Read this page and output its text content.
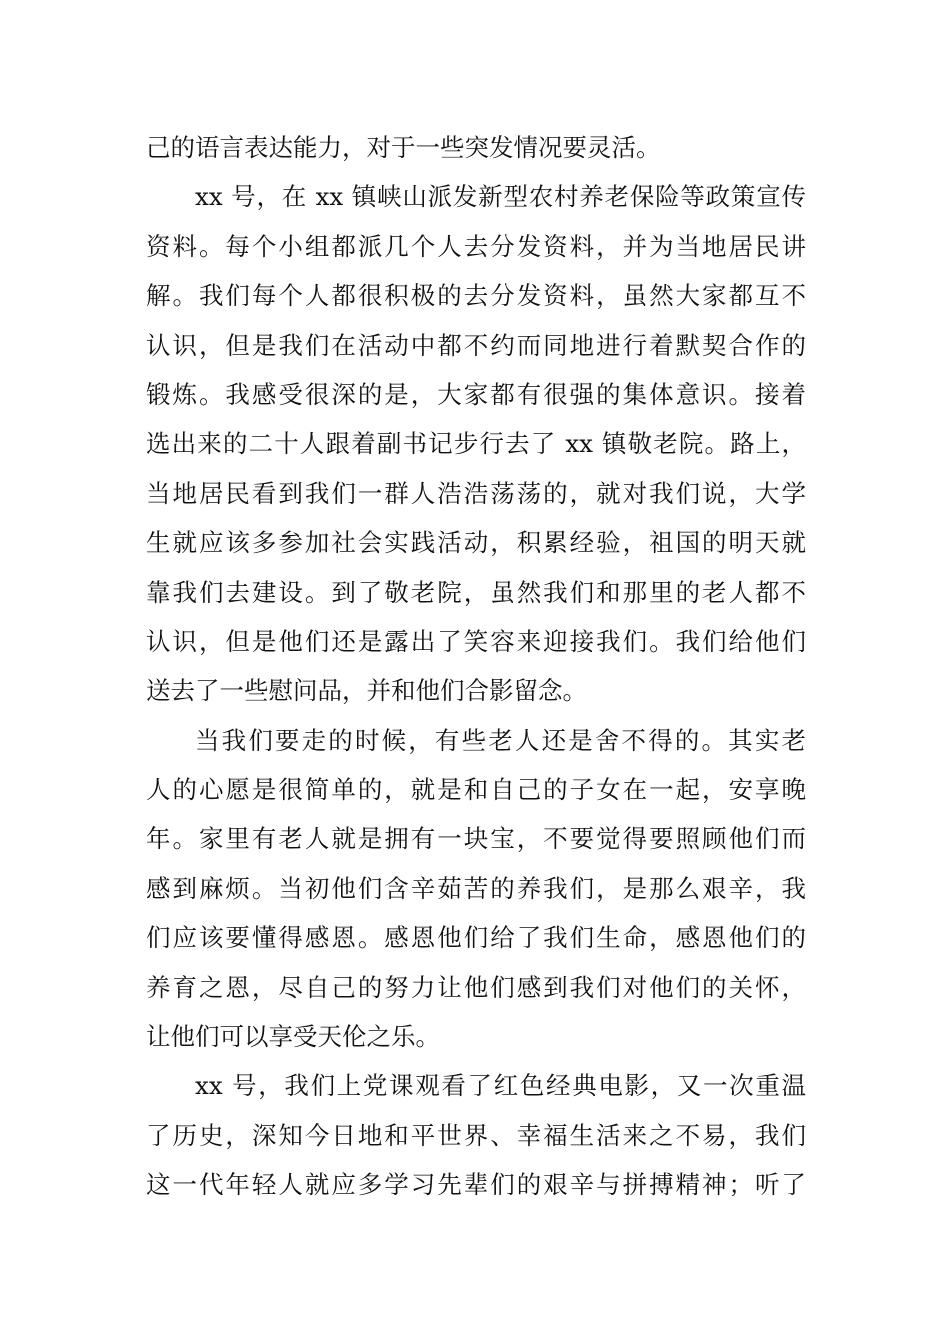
己的语言表达能力，对于一些突发情况要灵活。
xx 号，在 xx 镇峡山派发新型农村养老保险等政策宣传
资料。每个小组都派几个人去分发资料，并为当地居民讲
解。我们每个人都很积极的去分发资料，虽然大家都互不
认识，但是我们在活动中都不约而同地进行着默契合作的
锻炼。我感受很深的是，大家都有很强的集体意识。接着
选出来的二十人跟着副书记步行去了 xx 镇敬老院。路上，
当地居民看到我们一群人浩浩荡荡的，就对我们说，大学
生就应该多参加社会实践活动，积累经验，祖国的明天就
靠我们去建设。到了敬老院，虽然我们和那里的老人都不
认识，但是他们还是露出了笑容来迎接我们。我们给他们
送去了一些慰问品，并和他们合影留念。
当我们要走的时候，有些老人还是舍不得的。其实老
人的心愿是很简单的，就是和自己的子女在一起，安享晚
年。家里有老人就是拥有一块宝，不要觉得要照顾他们而
感到麻烦。当初他们含辛茹苦的养我们，是那么艰辛，我
们应该要懂得感恩。感恩他们给了我们生命，感恩他们的
养育之恩，尽自己的努力让他们感到我们对他们的关怀，
让他们可以享受天伦之乐。
xx 号，我们上党课观看了红色经典电影，又一次重温
了历史，深知今日地和平世界、幸福生活来之不易，我们
这一代年轻人就应多学习先辈们的艰辛与拼搏精神；听了
